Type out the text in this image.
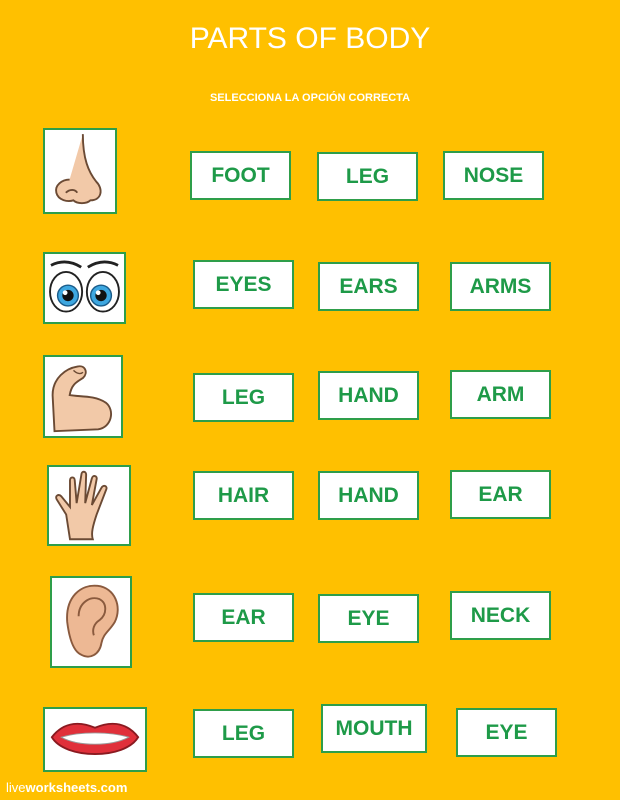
PARTS OF BODY
SELECCIONA LA OPCIÓN CORRECTA
FOOT	LEG	NOSE
EYES	EARS	ARMS
LEG	HAND	ARM
HAIR	HAND	EAR
EAR	EYE	NECK
LEG	MOUTH	EYE
liveworksheets.com
